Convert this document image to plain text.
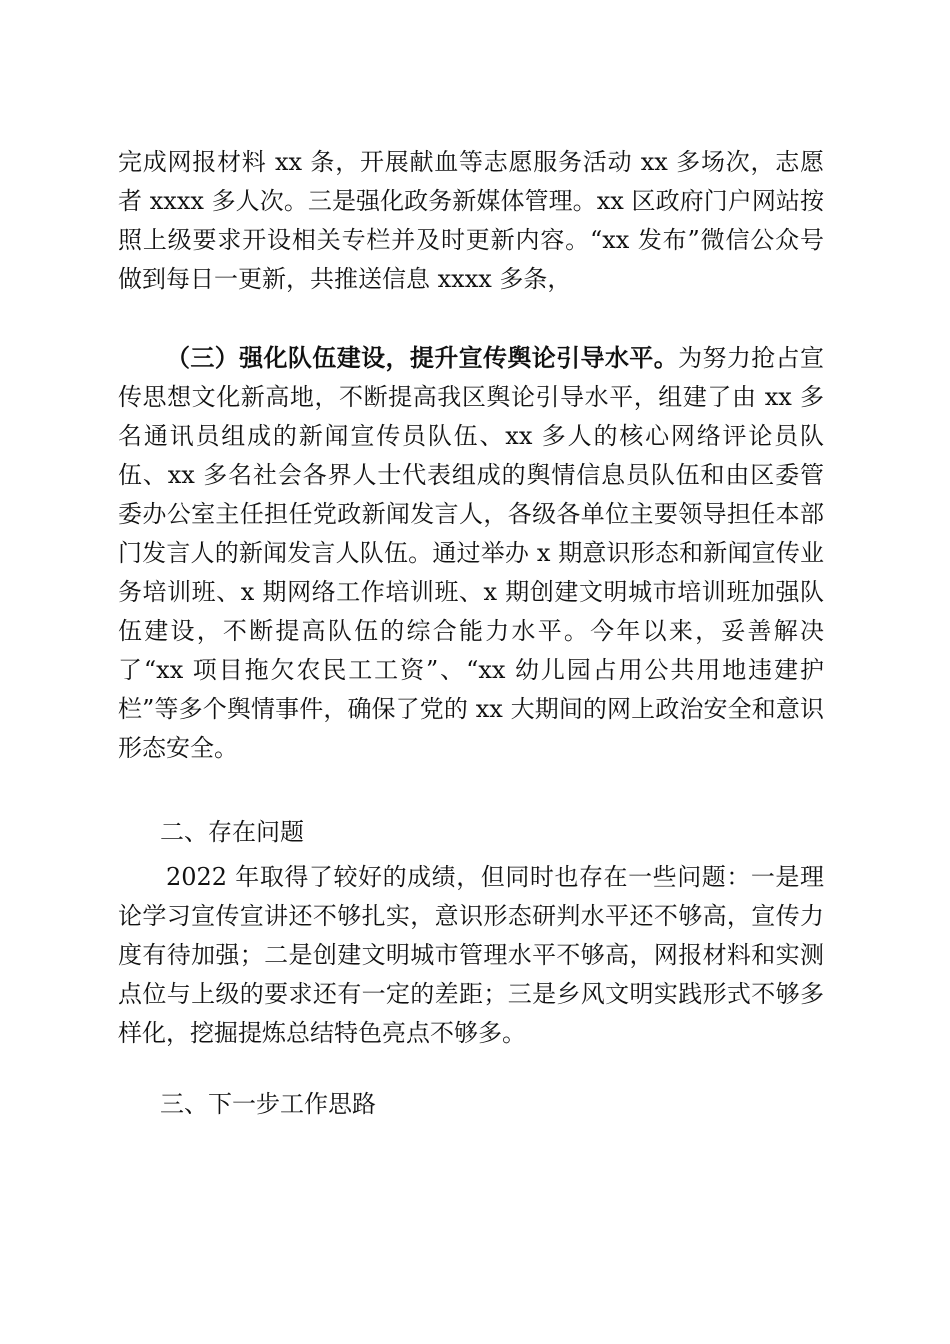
完成网报材料 xx 条，开展献血等志愿服务活动 xx 多场次，志愿者 xxxx 多人次。三是强化政务新媒体管理。xx 区政府门户网站按照上级要求开设相关专栏并及时更新内容。“xx 发布”微信公众号做到每日一更新，共推送信息 xxxx 多条，

（三）强化队伍建设，提升宣传舆论引导水平。为努力抢占宣传思想文化新高地，不断提高我区舆论引导水平，组建了由 xx 多名通讯员组成的新闻宣传员队伍、xx 多人的核心网络评论员队伍、xx 多名社会各界人士代表组成的舆情信息员队伍和由区委管委办公室主任担任党政新闻发言人，各级各单位主要领导担任本部门发言人的新闻发言人队伍。通过举办 x 期意识形态和新闻宣传业务培训班、x 期网络工作培训班、x 期创建文明城市培训班加强队伍建设，不断提高队伍的综合能力水平。今年以来，妥善解决了“xx 项目拖欠农民工工资”、“xx 幼儿园占用公共用地违建护栏”等多个舆情事件，确保了党的 xx 大期间的网上政治安全和意识形态安全。

二、存在问题

2022 年取得了较好的成绩，但同时也存在一些问题：一是理论学习宣传宣讲还不够扎实，意识形态研判水平还不够高，宣传力度有待加强；二是创建文明城市管理水平不够高，网报材料和实测点位与上级的要求还有一定的差距；三是乡风文明实践形式不够多样化，挖掘提炼总结特色亮点不够多。

三、下一步工作思路
